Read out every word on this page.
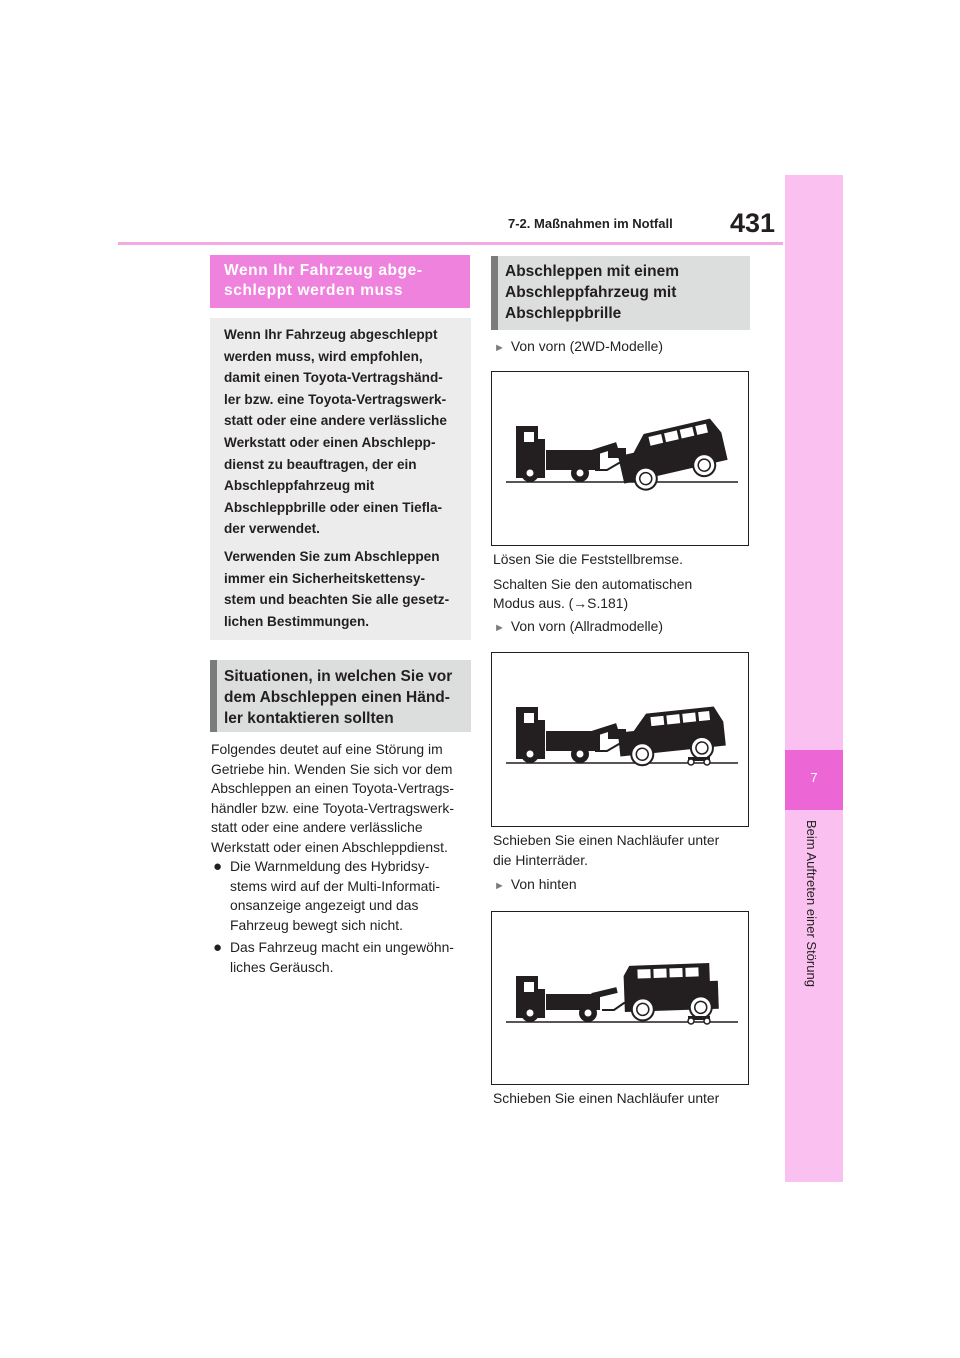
7-2. Maßnahmen im Notfall 431
7
Beim Auftreten einer Störung
Wenn Ihr Fahrzeug abge-
schleppt werden muss
Wenn Ihr Fahrzeug abgeschleppt
werden muss, wird empfohlen,
damit einen Toyota-Vertragshänd-
ler bzw. eine Toyota-Vertragswerk-
statt oder eine andere verlässliche
Werkstatt oder einen Abschlepp-
dienst zu beauftragen, der ein
Abschleppfahrzeug mit
Abschleppbrille oder einen Tiefla-
der verwendet.
Verwenden Sie zum Abschleppen
immer ein Sicherheitskettensy-
stem und beachten Sie alle gesetz-
lichen Bestimmungen.
Situationen, in welchen Sie vor
dem Abschleppen einen Händ-
ler kontaktieren sollten
Folgendes deutet auf eine Störung im
Getriebe hin. Wenden Sie sich vor dem
Abschleppen an einen Toyota-Vertrags-
händler bzw. eine Toyota-Vertragswerk-
statt oder eine andere verlässliche
Werkstatt oder einen Abschleppdienst.
● Die Warnmeldung des Hybridsy-
stems wird auf der Multi-Informati-
onsanzeige angezeigt und das
Fahrzeug bewegt sich nicht.
● Das Fahrzeug macht ein ungewöhn-
liches Geräusch.
Abschleppen mit einem
Abschleppfahrzeug mit
Abschleppbrille
► Von vorn (2WD-Modelle)
Lösen Sie die Feststellbremse.
Schalten Sie den automatischen
Modus aus. (→S.181)
► Von vorn (Allradmodelle)
Schieben Sie einen Nachläufer unter
die Hinterräder.
► Von hinten
Schieben Sie einen Nachläufer unter
